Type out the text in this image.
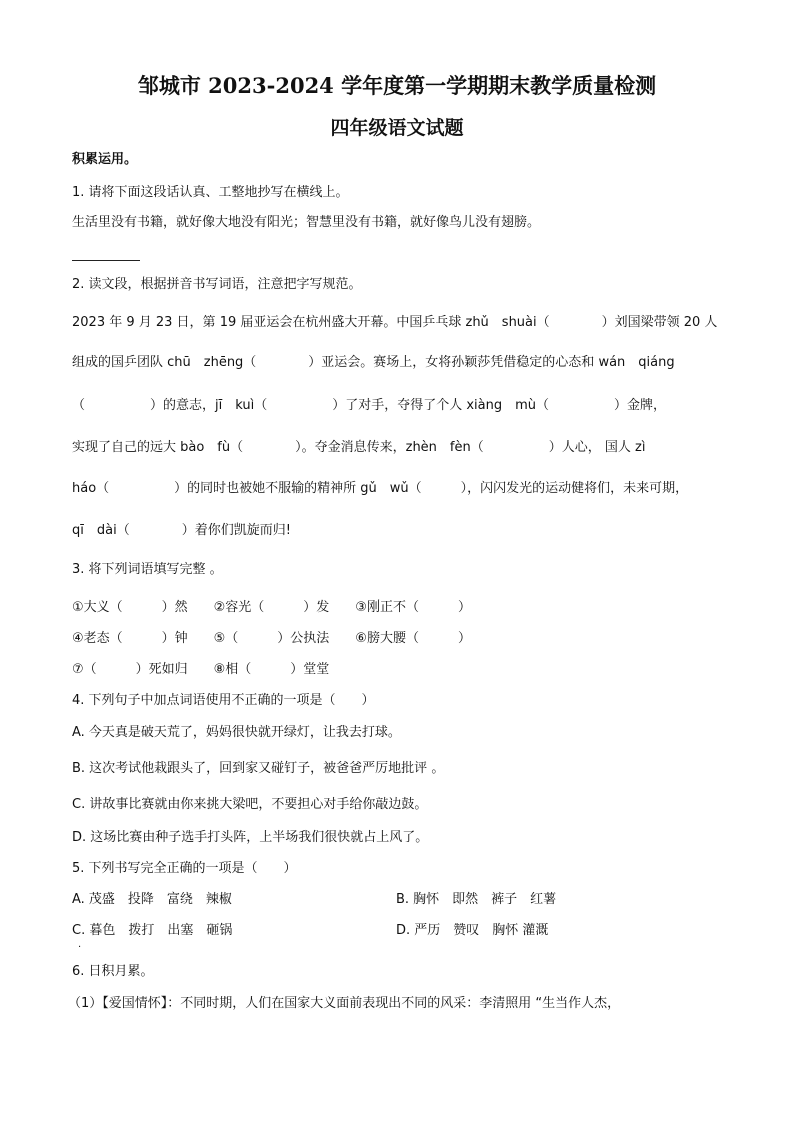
邹城市 2023-2024 学年度第一学期期末教学质量检测
四年级语文试题
积累运用。
1. 请将下面这段话认真、工整地抄写在横线上。
生活里没有书籍，就好像大地没有阳光；智慧里没有书籍，就好像鸟儿没有翅膀。
2. 读文段，根据拼音书写词语，注意把字写规范。
2023 年 9 月 23 日，第 19 届亚运会在杭州盛大开幕。中国乒乓球 zhǔ　shuài（　　　　）刘国梁带领 20 人
组成的国乒团队 chū　zhēng（　　　　）亚运会。赛场上，女将孙颖莎凭借稳定的心态和 wán　qiáng
（　　　　　）的意志，jī　kuì（　　　　　）了对手，夺得了个人 xiàng　mù（　　　　　）金牌，
实现了自己的远大 bào　fù（　　　　）。夺金消息传来，zhèn　fèn（　　　　　）人心， 国人 zì
háo（　　　　　）的同时也被她不服输的精神所 gǔ　wǔ（　　　），闪闪发光的运动健将们，未来可期，
qī　dài（　　　　）着你们凯旋而归!
3. 将下列词语填写完整 。
①大义（　　　）然　　②容光（　　　）发　　③刚正不（　　　）
④老态（　　　）钟　　⑤（　　　）公执法　　⑥膀大腰（　　　）
⑦（　　　）死如归　　⑧相（　　　）堂堂
4. 下列句子中加点词语使用不正确的一项是（　　）
A. 今天真是破天荒了，妈妈很快就开绿灯，让我去打球。
B. 这次考试他栽跟头了，回到家又碰钉子，被爸爸严厉地批评 。
C. 讲故事比赛就由你来挑大梁吧，不要担心对手给你敲边鼓。
D. 这场比赛由种子选手打头阵，上半场我们很快就占上风了。
5. 下列书写完全正确的一项是（　　）
A. 茂盛　投降　富绕　辣椒	B. 胸怀　即然　裤子　红薯
C. 暮色　拨打　出塞　砸锅	D. 严历　赞叹　胸怀 灌溉
·
6. 日积月累。
（1）【爱国情怀】：不同时期，人们在国家大义面前表现出不同的风采：李清照用 “生当作人杰，
